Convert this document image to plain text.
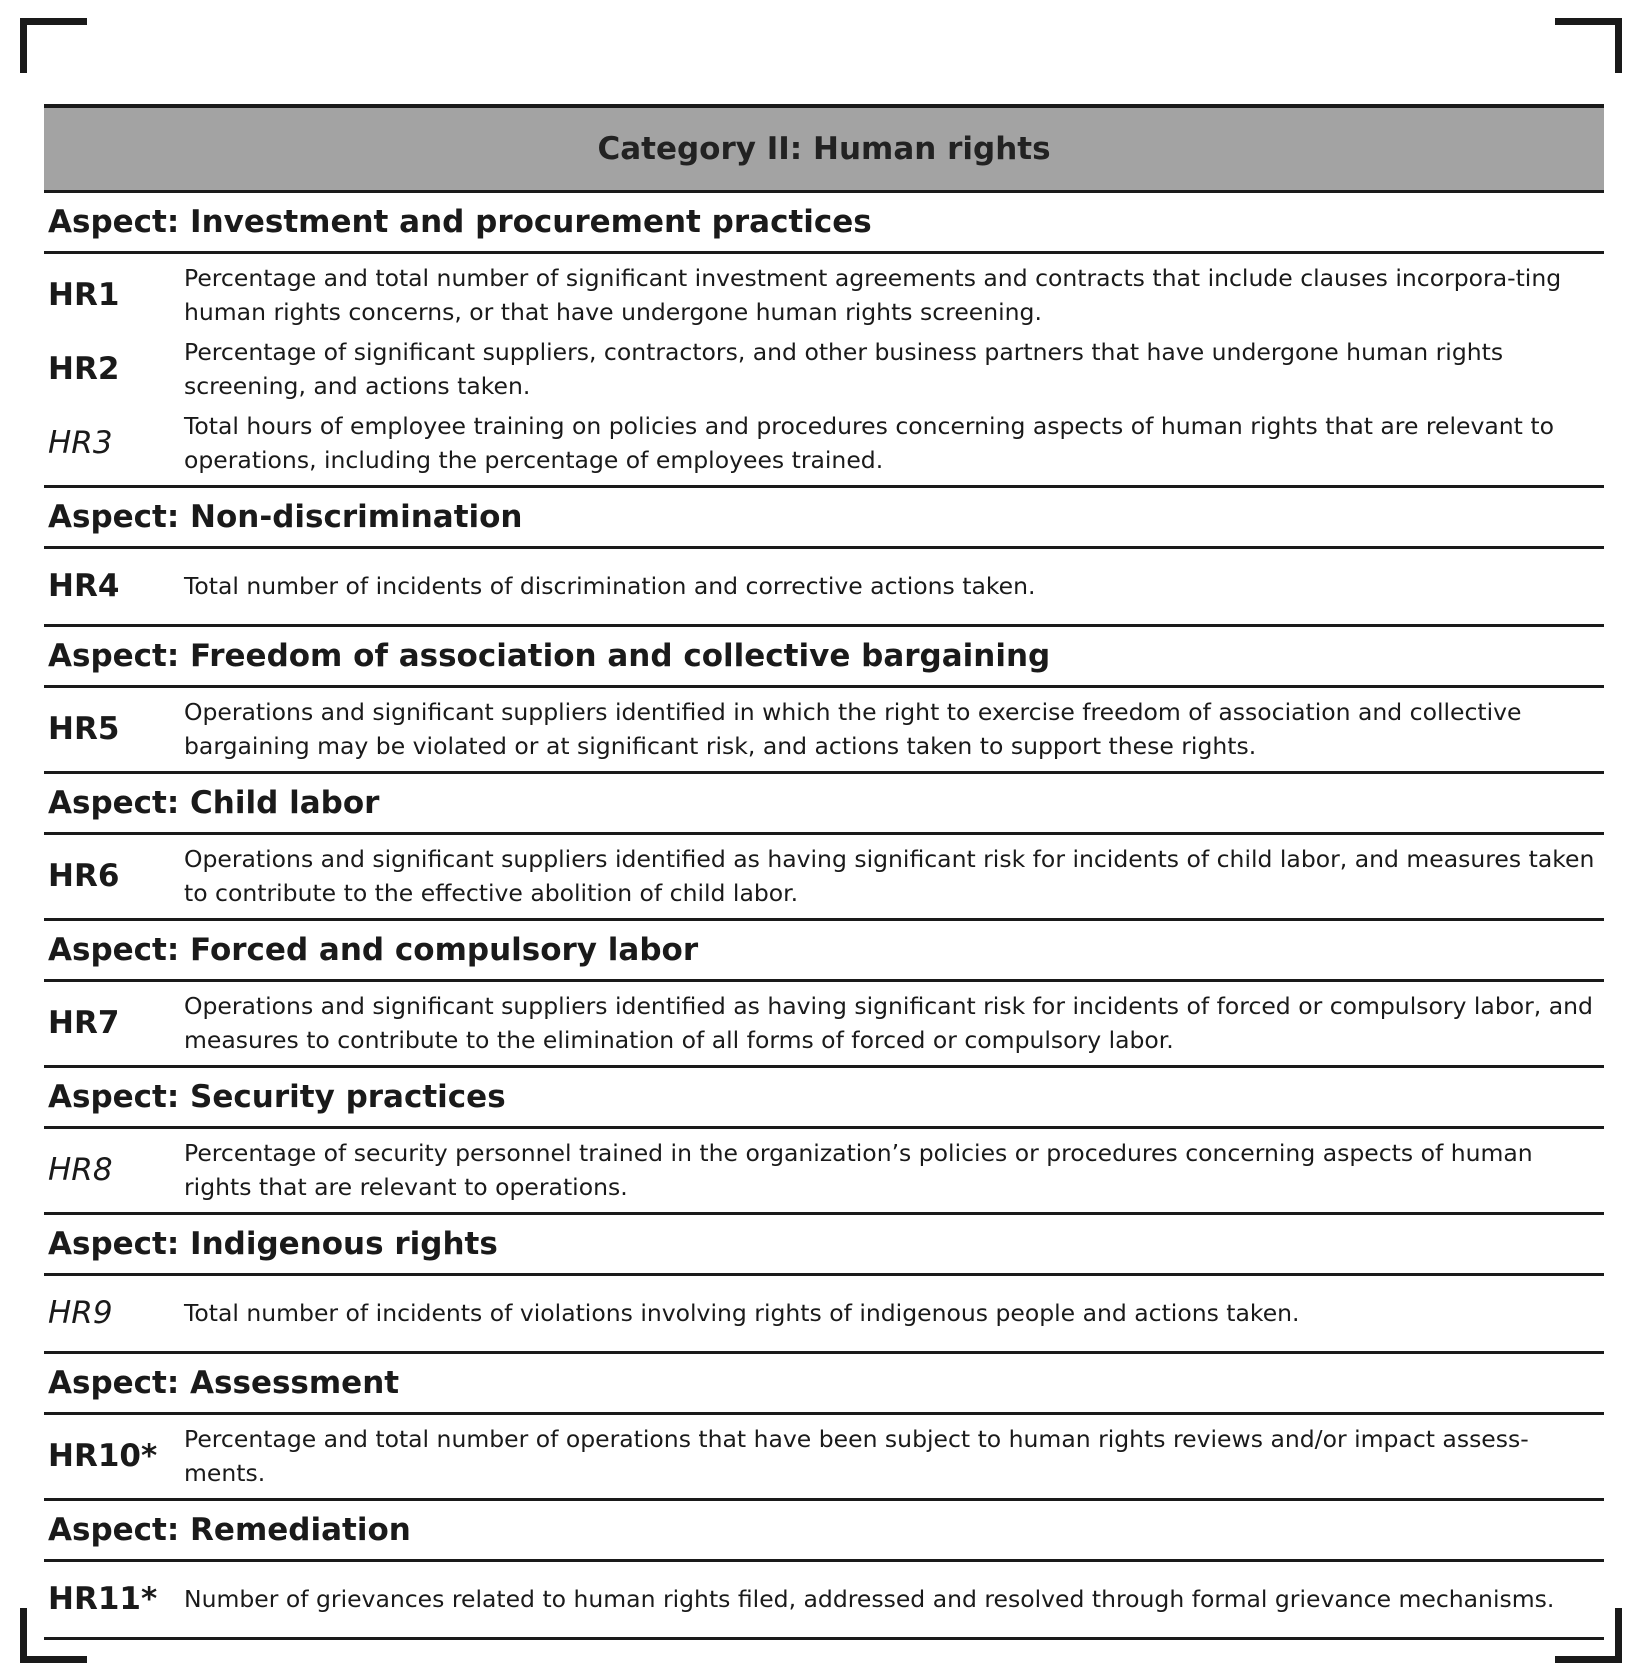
Category II: Human rights
Aspect: Investment and procurement practices
HR1	Percentage and total number of significant investment agreements and contracts that include clauses incorpora-ting human rights concerns, or that have undergone human rights screening.
HR2	Percentage of significant suppliers, contractors, and other business partners that have undergone human rights screening, and actions taken.
HR3	Total hours of employee training on policies and procedures concerning aspects of human rights that are relevant to operations, including the percentage of employees trained.
Aspect: Non-discrimination
HR4	Total number of incidents of discrimination and corrective actions taken.
Aspect: Freedom of association and collective bargaining
HR5	Operations and significant suppliers identified in which the right to exercise freedom of association and collective bargaining may be violated or at significant risk, and actions taken to support these rights.
Aspect: Child labor
HR6	Operations and significant suppliers identified as having significant risk for incidents of child labor, and measures taken to contribute to the effective abolition of child labor.
Aspect: Forced and compulsory labor
HR7	Operations and significant suppliers identified as having significant risk for incidents of forced or compulsory labor, and measures to contribute to the elimination of all forms of forced or compulsory labor.
Aspect: Security practices
HR8	Percentage of security personnel trained in the organization’s policies or procedures concerning aspects of human rights that are relevant to operations.
Aspect: Indigenous rights
HR9	Total number of incidents of violations involving rights of indigenous people and actions taken.
Aspect: Assessment
HR10*	Percentage and total number of operations that have been subject to human rights reviews and/or impact assess-ments.
Aspect: Remediation
HR11*	Number of grievances related to human rights filed, addressed and resolved through formal grievance mechanisms.
